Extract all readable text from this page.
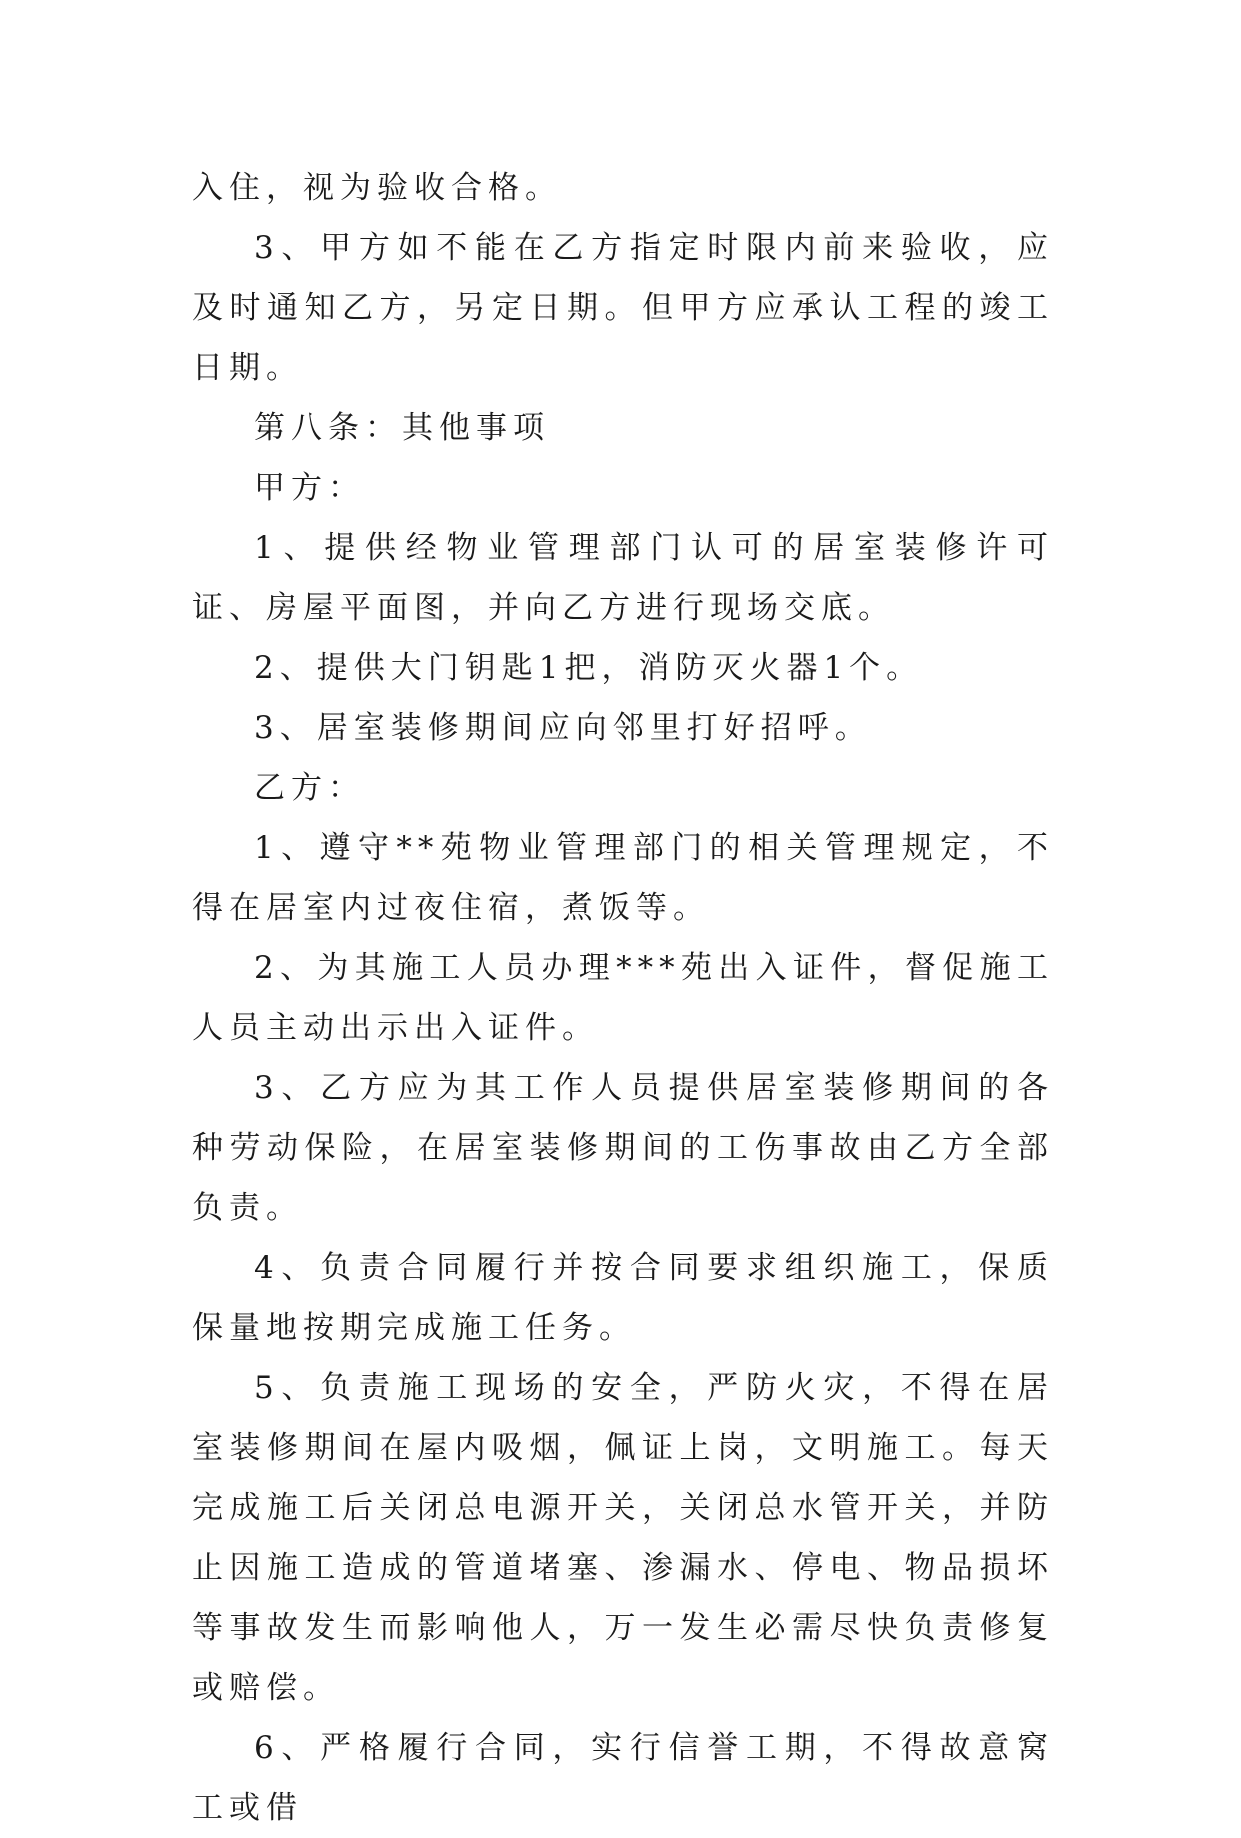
入住，视为验收合格。

3、甲方如不能在乙方指定时限内前来验收，应及时通知乙方，另定日期。但甲方应承认工程的竣工日期。

第八条：其他事项

甲方：

1、提供经物业管理部门认可的居室装修许可证、房屋平面图，并向乙方进行现场交底。

2、提供大门钥匙1把，消防灭火器1个。

3、居室装修期间应向邻里打好招呼。

乙方：

1、遵守**苑物业管理部门的相关管理规定，不得在居室内过夜住宿，煮饭等。

2、为其施工人员办理***苑出入证件，督促施工人员主动出示出入证件。

3、乙方应为其工作人员提供居室装修期间的各种劳动保险，在居室装修期间的工伤事故由乙方全部负责。

4、负责合同履行并按合同要求组织施工，保质保量地按期完成施工任务。

5、负责施工现场的安全，严防火灾，不得在居室装修期间在屋内吸烟，佩证上岗，文明施工。每天完成施工后关闭总电源开关，关闭总水管开关，并防止因施工造成的管道堵塞、渗漏水、停电、物品损坏等事故发生而影响他人，万一发生必需尽快负责修复或赔偿。

6、严格履行合同，实行信誉工期，不得故意窝工或借
